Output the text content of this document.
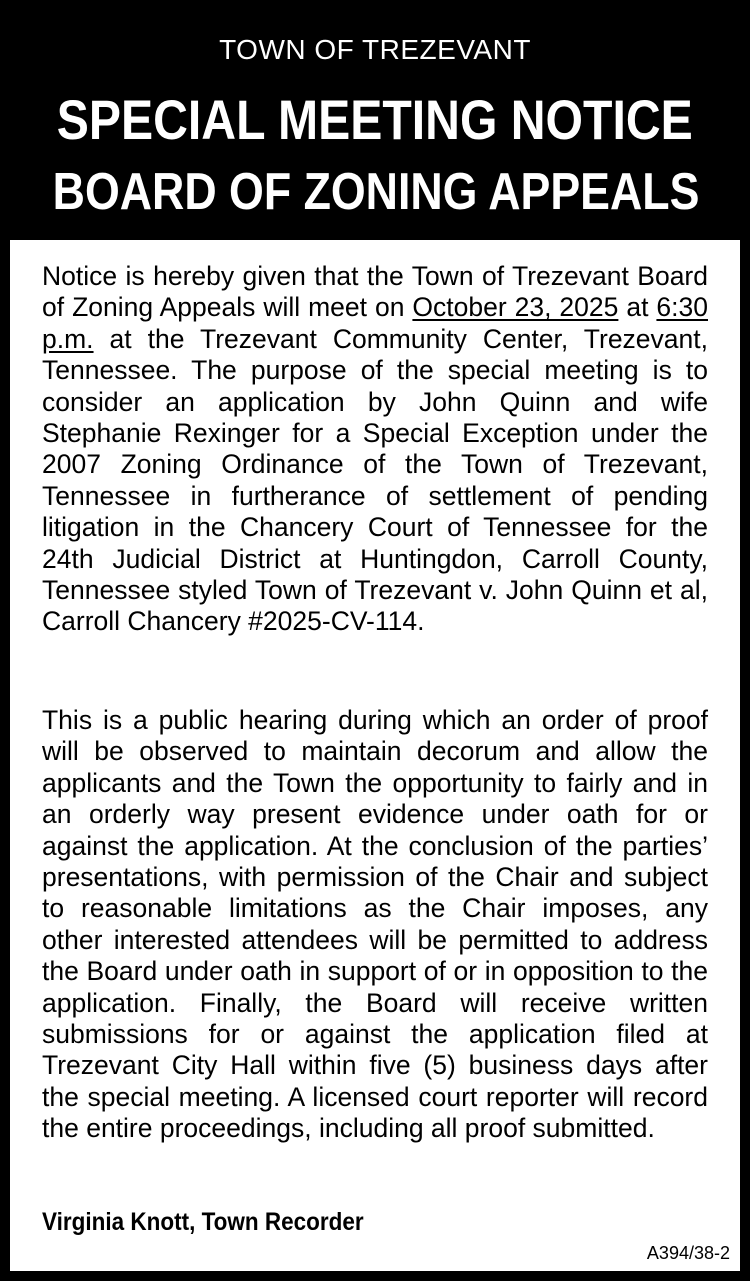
TOWN OF TREZEVANT
SPECIAL MEETING NOTICE
BOARD OF ZONING APPEALS

Notice is hereby given that the Town of Trezevant Board of Zoning Appeals will meet on October 23, 2025 at 6:30 p.m. at the Trezevant Community Center, Trezevant, Tennessee. The purpose of the special meeting is to consider an application by John Quinn and wife Stephanie Rexinger for a Special Exception under the 2007 Zoning Ordinance of the Town of Trezevant, Tennessee in furtherance of settlement of pending litigation in the Chancery Court of Tennessee for the 24th Judicial District at Huntingdon, Carroll County, Tennessee styled Town of Trezevant v. John Quinn et al, Carroll Chancery #2025-CV-114.

This is a public hearing during which an order of proof will be observed to maintain decorum and allow the applicants and the Town the opportunity to fairly and in an orderly way present evidence under oath for or against the application. At the conclusion of the parties’ presentations, with permission of the Chair and subject to reasonable limitations as the Chair imposes, any other interested attendees will be permitted to address the Board under oath in support of or in opposition to the application. Finally, the Board will receive written submissions for or against the application filed at Trezevant City Hall within five (5) business days after the special meeting. A licensed court reporter will record the entire proceedings, including all proof submitted.

Virginia Knott, Town Recorder
A394/38-2
